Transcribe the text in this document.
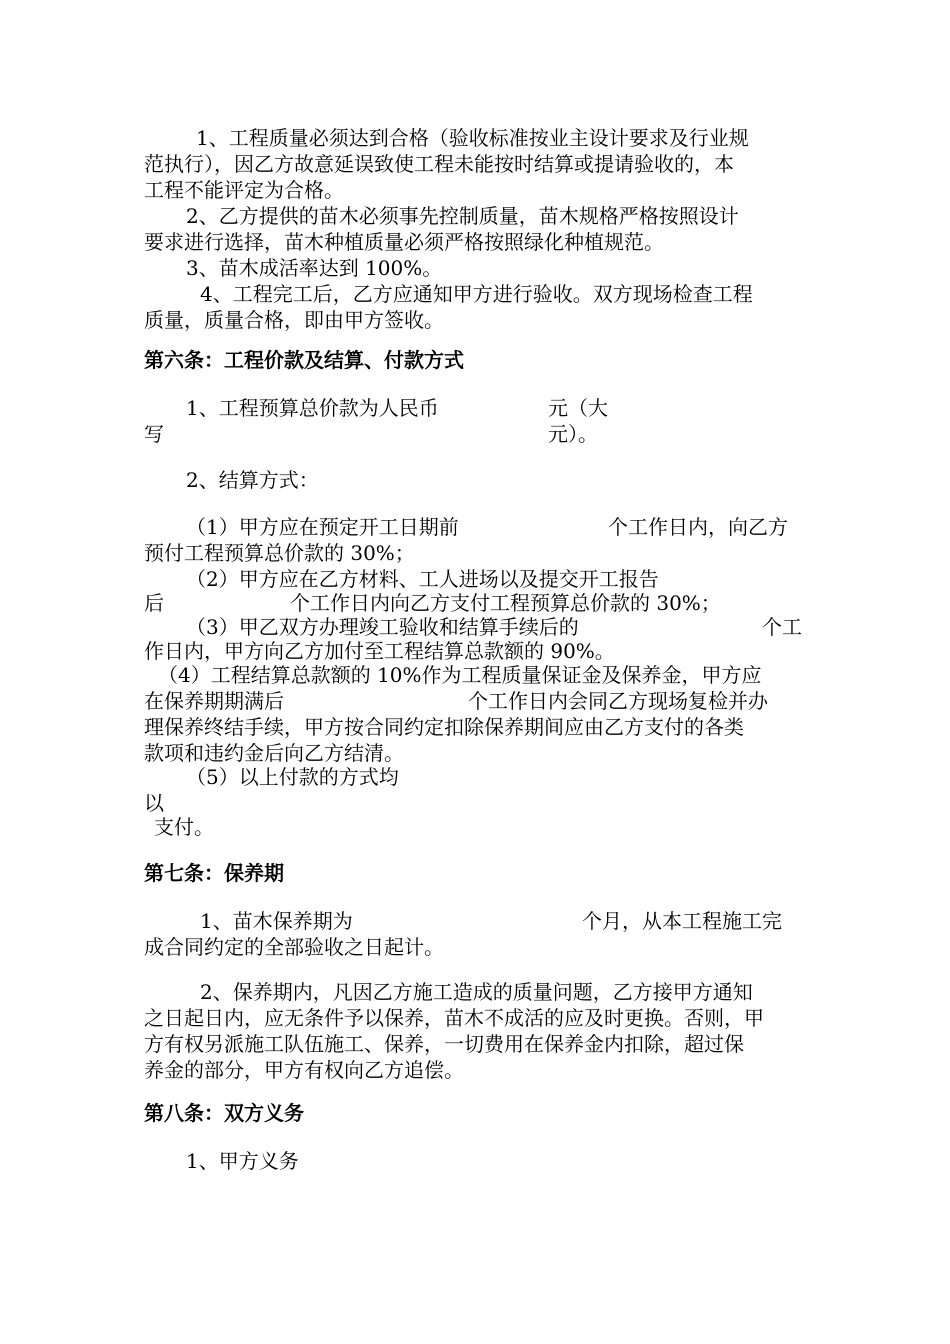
1、工程质量必须达到合格（验收标准按业主设计要求及行业规
范执行），因乙方故意延误致使工程未能按时结算或提请验收的，本
工程不能评定为合格。
2、乙方提供的苗木必须事先控制质量，苗木规格严格按照设计
要求进行选择，苗木种植质量必须严格按照绿化种植规范。
3、苗木成活率达到 100%。
4、工程完工后，乙方应通知甲方进行验收。双方现场检查工程
质量，质量合格，即由甲方签收。
第六条：工程价款及结算、付款方式
1、工程预算总价款为人民币	元（大
写	元）。
2、结算方式：
（1）甲方应在预定开工日期前	个工作日内，向乙方
预付工程预算总价款的 30%；
（2）甲方应在乙方材料、工人进场以及提交开工报告
后	个工作日内向乙方支付工程预算总价款的 30%；
（3）甲乙双方办理竣工验收和结算手续后的	个工
作日内，甲方向乙方加付至工程结算总款额的 90%。
（4）工程结算总款额的 10%作为工程质量保证金及保养金，甲方应
在保养期期满后	个工作日内会同乙方现场复检并办
理保养终结手续，甲方按合同约定扣除保养期间应由乙方支付的各类
款项和违约金后向乙方结清。
（5）以上付款的方式均
以
支付。
第七条：保养期
1、苗木保养期为	个月，从本工程施工完
成合同约定的全部验收之日起计。
2、保养期内，凡因乙方施工造成的质量问题，乙方接甲方通知
之日起日内，应无条件予以保养，苗木不成活的应及时更换。否则，甲
方有权另派施工队伍施工、保养，一切费用在保养金内扣除，超过保
养金的部分，甲方有权向乙方追偿。
第八条：双方义务
1、甲方义务
